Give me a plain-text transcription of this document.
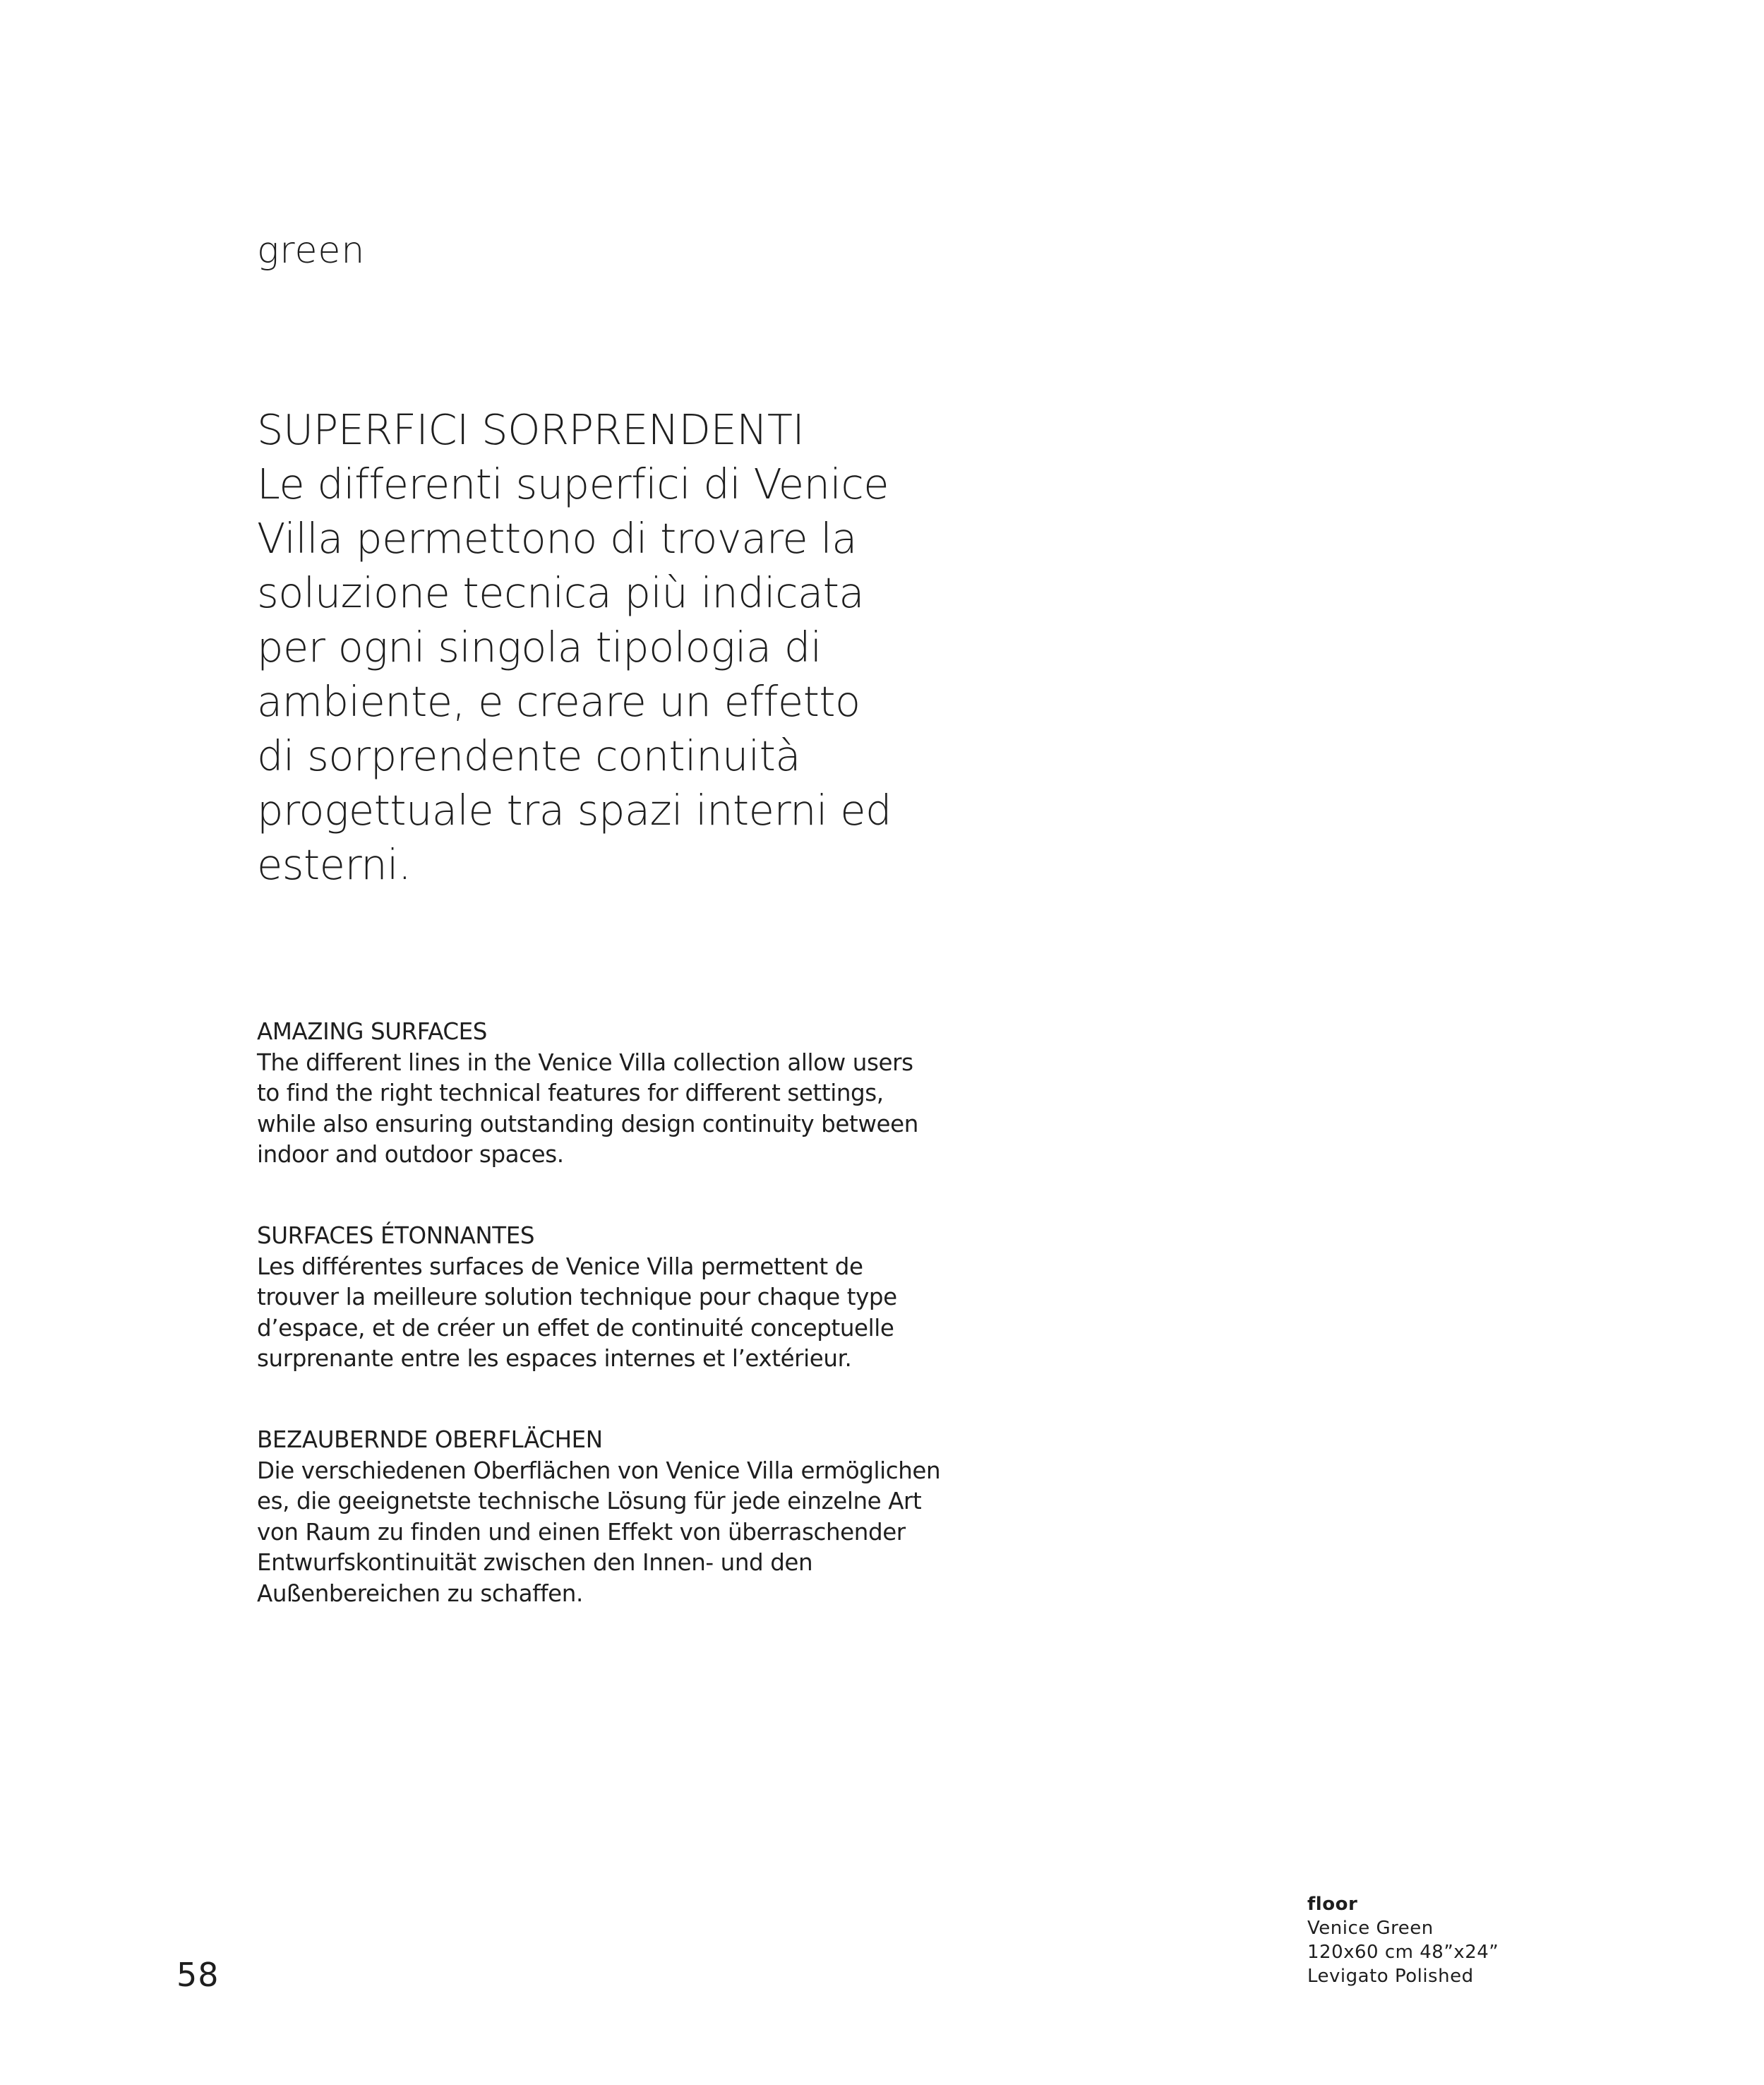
green
SUPERFICI SORPRENDENTI
Le differenti superfici di Venice
Villa permettono di trovare la
soluzione tecnica più indicata
per ogni singola tipologia di
ambiente, e creare un effetto
di sorprendente continuità
progettuale tra spazi interni ed
esterni.
AMAZING SURFACES
The different lines in the Venice Villa collection allow users
to find the right technical features for different settings,
while also ensuring outstanding design continuity between
indoor and outdoor spaces.
SURFACES ÉTONNANTES
Les différentes surfaces de Venice Villa permettent de
trouver la meilleure solution technique pour chaque type
d’espace, et de créer un effet de continuité conceptuelle
surprenante entre les espaces internes et l’extérieur.
BEZAUBERNDE OBERFLÄCHEN
Die verschiedenen Oberflächen von Venice Villa ermöglichen
es, die geeignetste technische Lösung für jede einzelne Art
von Raum zu finden und einen Effekt von überraschender
Entwurfskontinuität zwischen den Innen- und den
Außenbereichen zu schaffen.
58
floor
Venice Green
120x60 cm 48”x24”
Levigato Polished
